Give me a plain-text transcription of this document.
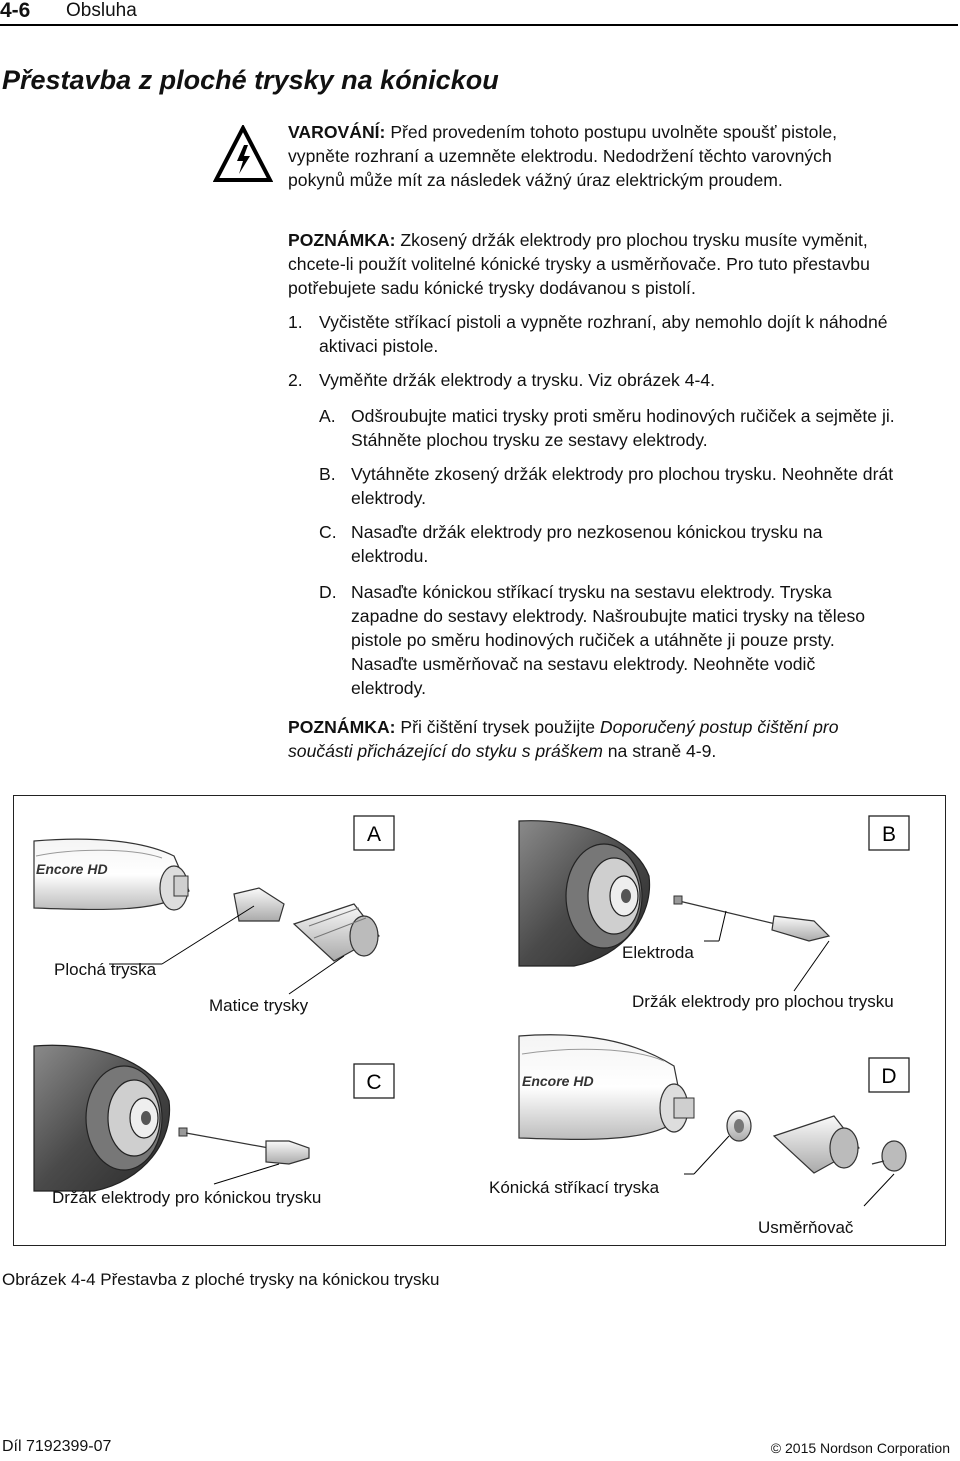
4-6 Obsluha
Přestavba z ploché trysky na kónickou
VAROVÁNÍ: Před provedením tohoto postupu uvolněte spoušť pistole,
vypněte rozhraní a uzemněte elektrodu. Nedodržení těchto varovných
pokynů může mít za následek vážný úraz elektrickým proudem.
POZNÁMKA: Zkosený držák elektrody pro plochou trysku musíte vyměnit,
chcete-li použít volitelné kónické trysky a usměrňovače. Pro tuto přestavbu
potřebujete sadu kónické trysky dodávanou s pistolí.
1. Vyčistěte stříkací pistoli a vypněte rozhraní, aby nemohlo dojít k náhodné
aktivaci pistole.
2. Vyměňte držák elektrody a trysku. Viz obrázek 4-4.
A. Odšroubujte matici trysky proti směru hodinových ručiček a sejměte ji.
Stáhněte plochou trysku ze sestavy elektrody.
B. Vytáhněte zkosený držák elektrody pro plochou trysku. Neohněte drát
elektrody.
C. Nasaďte držák elektrody pro nezkosenou kónickou trysku na
elektrodu.
D. Nasaďte kónickou stříkací trysku na sestavu elektrody. Tryska
zapadne do sestavy elektrody. Našroubujte matici trysky na těleso
pistole po směru hodinových ručiček a utáhněte ji pouze prsty.
Nasaďte usměrňovač na sestavu elektrody. Neohněte vodič
elektrody.
POZNÁMKA: Při čištění trysek použijte Doporučený postup čištění pro
součásti přicházející do styku s práškem na straně 4-9.
Encore HD
A	B
C	Encore HD	D
Plochá tryska
Matice trysky
Elektroda
Držák elektrody pro plochou trysku
Držák elektrody pro kónickou trysku
Kónická stříkací tryska
Usměrňovač
Obrázek 4-4 Přestavba z ploché trysky na kónickou trysku
Díl 7192399-07	© 2015 Nordson Corporation
